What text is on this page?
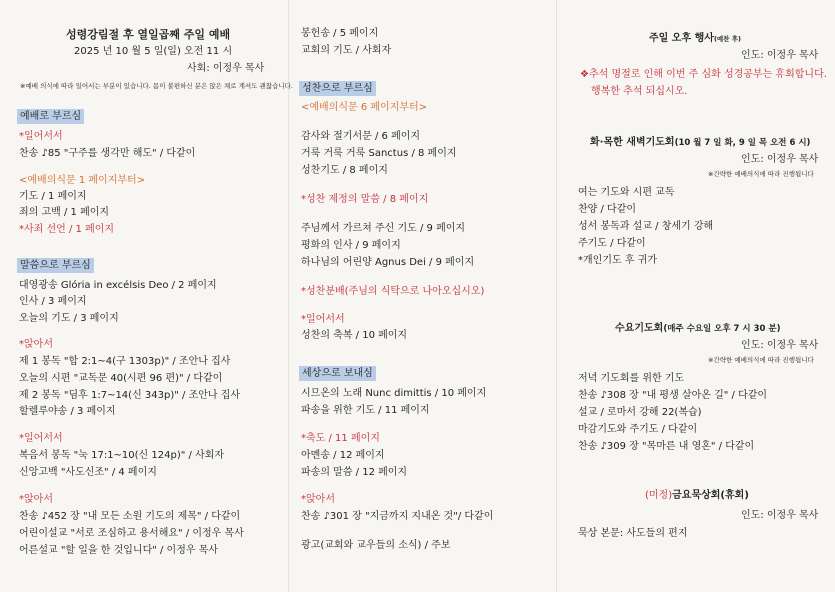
성령강림절 후 열일곱째 주일 예배
2025 년 10 월 5 일(일) 오전 11 시
사회: 이정우 목사
※예배 의식에 따라 일어서는 부분이 있습니다. 몸이 불편하신 분은 앉은 채로 계셔도 괜찮습니다.
예배로 부르심
*일어서서
찬송 ♪85 "구주를 생각만 해도" / 다같이
<예배의식문 1 페이지부터>
기도 / 1 페이지
죄의 고백 / 1 페이지
*사죄 선언 / 1 페이지
말씀으로 부르심
대영광송 Glória in excélsis Deo / 2 페이지
인사 / 3 페이지
오늘의 기도 / 3 페이지
*앉아서
제 1 봉독 "합 2:1~4(구 1303p)" / 조안나 집사
오늘의 시편 "교독문 40(시편 96 편)" / 다같이
제 2 봉독 "딤후 1:7~14(신 343p)" / 조안나 집사
할렐루야송 / 3 페이지
*일어서서
복음서 봉독 "눅 17:1~10(신 124p)" / 사회자
신앙고백 "사도신조" / 4 페이지
*앉아서
찬송 ♪452 장 "내 모든 소원 기도의 제목" / 다같이
어린이설교 "서로 조심하고 용서해요" / 이정우 목사
어른설교 "할 일을 한 것입니다" / 이정우 목사
봉헌송 / 5 페이지
교회의 기도 / 사회자
성찬으로 부르심
<예배의식문 6 페이지부터>
감사와 절기서문 / 6 페이지
거룩 거룩 거룩 Sanctus / 8 페이지
성찬기도 / 8 페이지
*성찬 제정의 말씀 / 8 페이지
주님께서 가르쳐 주신 기도 / 9 페이지
평화의 인사 / 9 페이지
하나님의 어린양 Agnus Dei / 9 페이지
*성찬분배(주님의 식탁으로 나아오십시오)
*일어서서
성찬의 축복 / 10 페이지
세상으로 보내심
시므온의 노래 Nunc dimittis / 10 페이지
파송을 위한 기도 / 11 페이지
*축도 / 11 페이지
아멘송 / 12 페이지
파송의 말씀 / 12 페이지
*앉아서
찬송 ♪301 장 "지금까지 지내온 것"/ 다같이
광고(교회와 교우들의 소식) / 주보
주일 오후 행사(예찬 후)
인도: 이정우 목사
❖추석 명절로 인해 이번 주 심화 성경공부는 휴회합니다.
행복한 추석 되십시오.
화·목한 새벽기도회(10 월 7 일 화, 9 일 목 오전 6 시)
인도: 이정우 목사
※간략한 예배의식에 따라 진행됩니다
여는 기도와 시편 교독
찬양 / 다같이
성서 봉독과 설교 / 창세기 강해
주기도 / 다같이
*개인기도 후 귀가
수요기도회(매주 수요일 오후 7 시 30 분)
인도: 이정우 목사
※간략한 예배의식에 따라 진행됩니다
저녁 기도회를 위한 기도
찬송 ♪308 장 "내 평생 살아온 길" / 다같이
설교 / 로마서 강해 22(복습)
마감기도와 주기도 / 다같이
찬송 ♪309 장 "목마른 내 영혼" / 다같이
(미정)금요묵상회(휴회)
인도: 이정우 목사
묵상 본문: 사도들의 편지
